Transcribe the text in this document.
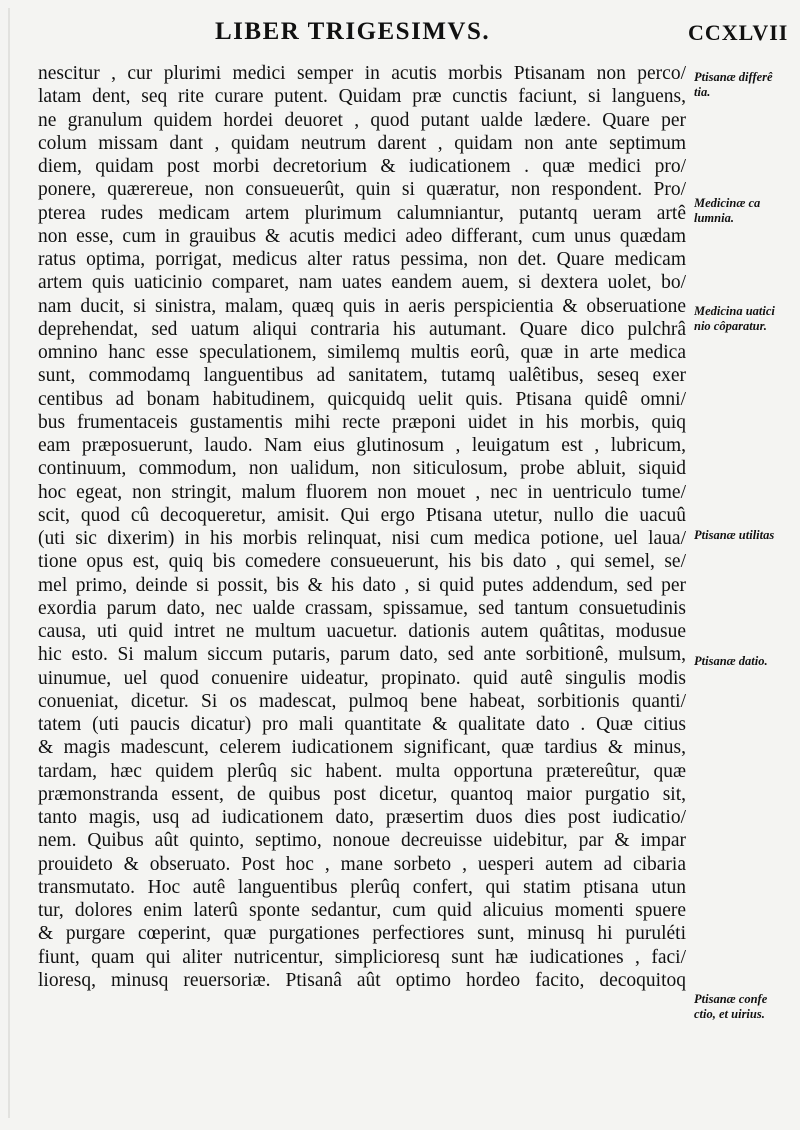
LIBER TRIGESIMVS.	CCXLVII
nescitur , cur plurimi medici semper in acutis morbis Ptisanam non perco/
latam dent, seq rite curare putent. Quidam præ cunctis faciunt, si languens,
ne granulum quidem hordei deuoret , quod putant ualde lædere. Quare per
colum missam dant , quidam neutrum darent , quidam non ante septimum
diem, quidam post morbi decretorium & iudicationem . quæ medici pro/
ponere, quærereue, non consueuerût, quin si quæratur, non respondent. Pro/
pterea rudes medicam artem plurimum calumniantur, putantq ueram artê
non esse, cum in grauibus & acutis medici adeo differant, cum unus quædam
ratus optima, porrigat, medicus alter ratus pessima, non det. Quare medicam
artem quis uaticinio comparet, nam uates eandem auem, si dextera uolet, bo/
nam ducit, si sinistra, malam, quæq quis in aeris perspicientia & obseruatione
deprehendat, sed uatum aliqui contraria his autumant. Quare dico pulchrâ
omnino hanc esse speculationem, similemq multis eorû, quæ in arte medica
sunt, commodamq languentibus ad sanitatem, tutamq ualêtibus, seseq exer
centibus ad bonam habitudinem, quicquidq uelit quis. Ptisana quidê omni/
bus frumentaceis gustamentis mihi recte præponi uidet in his morbis, quiq
eam præposuerunt, laudo. Nam eius glutinosum , leuigatum est , lubricum,
continuum, commodum, non ualidum, non siticulosum, probe abluit, siquid
hoc egeat, non stringit, malum fluorem non mouet , nec in uentriculo tume/
scit, quod cû decoqueretur, amisit. Qui ergo Ptisana utetur, nullo die uacuû
(uti sic dixerim) in his morbis relinquat, nisi cum medica potione, uel laua/
tione opus est, quiq bis comedere consueuerunt, his bis dato , qui semel, se/
mel primo, deinde si possit, bis & his dato , si quid putes addendum, sed per
exordia parum dato, nec ualde crassam, spissamue, sed tantum consuetudinis
causa, uti quid intret ne multum uacuetur. dationis autem quâtitas, modusue
hic esto. Si malum siccum putaris, parum dato, sed ante sorbitionê, mulsum,
uinumue, uel quod conuenire uideatur, propinato. quid autê singulis modis
conueniat, dicetur. Si os madescat, pulmoq bene habeat, sorbitionis quanti/
tatem (uti paucis dicatur) pro mali quantitate & qualitate dato . Quæ citius
& magis madescunt, celerem iudicationem significant, quæ tardius & minus,
tardam, hæc quidem plerûq sic habent. multa opportuna prætereûtur, quæ
præmonstranda essent, de quibus post dicetur, quantoq maior purgatio sit,
tanto magis, usq ad iudicationem dato, præsertim duos dies post iudicatio/
nem. Quibus aût quinto, septimo, nonoue decreuisse uidebitur, par & impar
prouideto & obseruato. Post hoc , mane sorbeto , uesperi autem ad cibaria
transmutato. Hoc autê languentibus plerûq confert, qui statim ptisana utun
tur, dolores enim laterû sponte sedantur, cum quid alicuius momenti spuere
& purgare cœperint, quæ purgationes perfectiores sunt, minusq hi puruléti
fiunt, quam qui aliter nutricentur, simplicioresq sunt hæ iudicationes , faci/
lioresq, minusq reuersoriæ. Ptisanâ aût optimo hordeo facito, decoquitoq
Ptisanæ differê
tia.
Medicinæ ca
lumnia.
Medicina uatici
nio côparatur.
Ptisanæ utilitas
Ptisanæ datio.
Ptisanæ confe
ctio, et uirius.
